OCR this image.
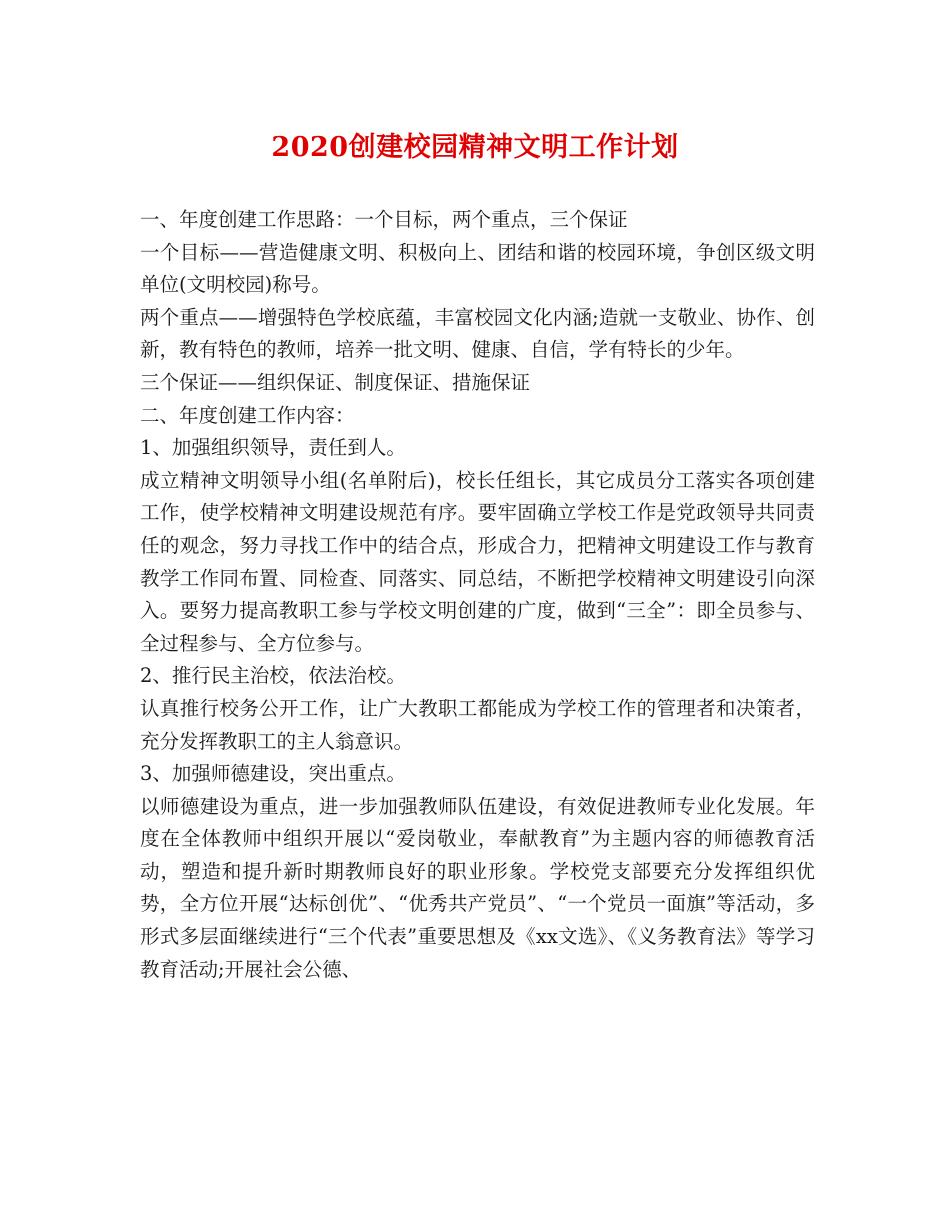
2020创建校园精神文明工作计划

一、年度创建工作思路：一个目标，两个重点，三个保证

一个目标——营造健康文明、积极向上、团结和谐的校园环境，争创区级文明单位(文明校园)称号。

两个重点——增强特色学校底蕴，丰富校园文化内涵;造就一支敬业、协作、创新，教有特色的教师，培养一批文明、健康、自信，学有特长的少年。

三个保证——组织保证、制度保证、措施保证

二、年度创建工作内容：

1、加强组织领导，责任到人。

成立精神文明领导小组(名单附后)，校长任组长，其它成员分工落实各项创建工作，使学校精神文明建设规范有序。要牢固确立学校工作是党政领导共同责任的观念，努力寻找工作中的结合点，形成合力，把精神文明建设工作与教育教学工作同布置、同检查、同落实、同总结，不断把学校精神文明建设引向深入。要努力提高教职工参与学校文明创建的广度，做到“三全”：即全员参与、全过程参与、全方位参与。

2、推行民主治校，依法治校。

认真推行校务公开工作，让广大教职工都能成为学校工作的管理者和决策者，充分发挥教职工的主人翁意识。

3、加强师德建设，突出重点。

以师德建设为重点，进一步加强教师队伍建设，有效促进教师专业化发展。年度在全体教师中组织开展以“爱岗敬业，奉献教育”为主题内容的师德教育活动，塑造和提升新时期教师良好的职业形象。学校党支部要充分发挥组织优势，全方位开展“达标创优”、“优秀共产党员”、“一个党员一面旗”等活动，多形式多层面继续进行“三个代表”重要思想及《xx文选》、《义务教育法》等学习教育活动;开展社会公德、
